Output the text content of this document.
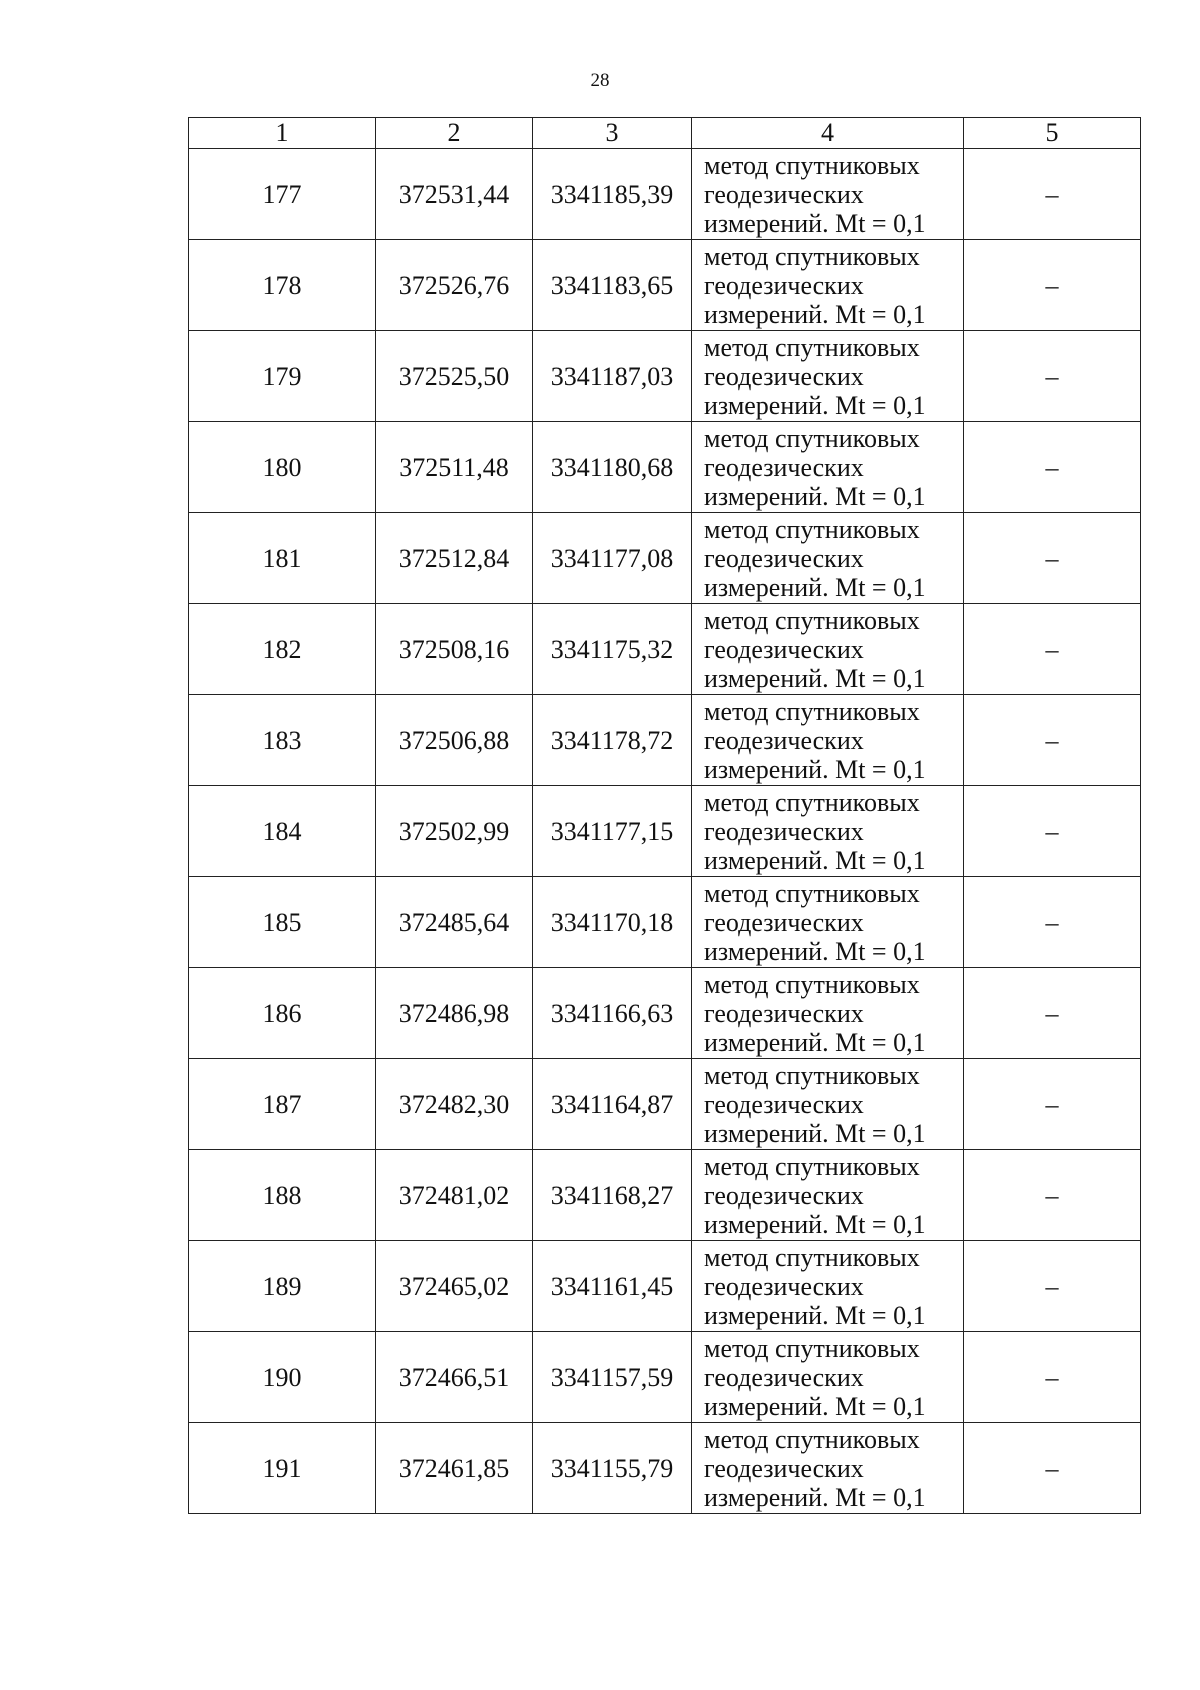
28
1	2	3	4	5
177	372531,44	3341185,39	метод спутниковых
геодезических
измерений. Mt = 0,1	–
178	372526,76	3341183,65	метод спутниковых
геодезических
измерений. Mt = 0,1	–
179	372525,50	3341187,03	метод спутниковых
геодезических
измерений. Mt = 0,1	–
180	372511,48	3341180,68	метод спутниковых
геодезических
измерений. Mt = 0,1	–
181	372512,84	3341177,08	метод спутниковых
геодезических
измерений. Mt = 0,1	–
182	372508,16	3341175,32	метод спутниковых
геодезических
измерений. Mt = 0,1	–
183	372506,88	3341178,72	метод спутниковых
геодезических
измерений. Mt = 0,1	–
184	372502,99	3341177,15	метод спутниковых
геодезических
измерений. Mt = 0,1	–
185	372485,64	3341170,18	метод спутниковых
геодезических
измерений. Mt = 0,1	–
186	372486,98	3341166,63	метод спутниковых
геодезических
измерений. Mt = 0,1	–
187	372482,30	3341164,87	метод спутниковых
геодезических
измерений. Mt = 0,1	–
188	372481,02	3341168,27	метод спутниковых
геодезических
измерений. Mt = 0,1	–
189	372465,02	3341161,45	метод спутниковых
геодезических
измерений. Mt = 0,1	–
190	372466,51	3341157,59	метод спутниковых
геодезических
измерений. Mt = 0,1	–
191	372461,85	3341155,79	метод спутниковых
геодезических
измерений. Mt = 0,1	–
